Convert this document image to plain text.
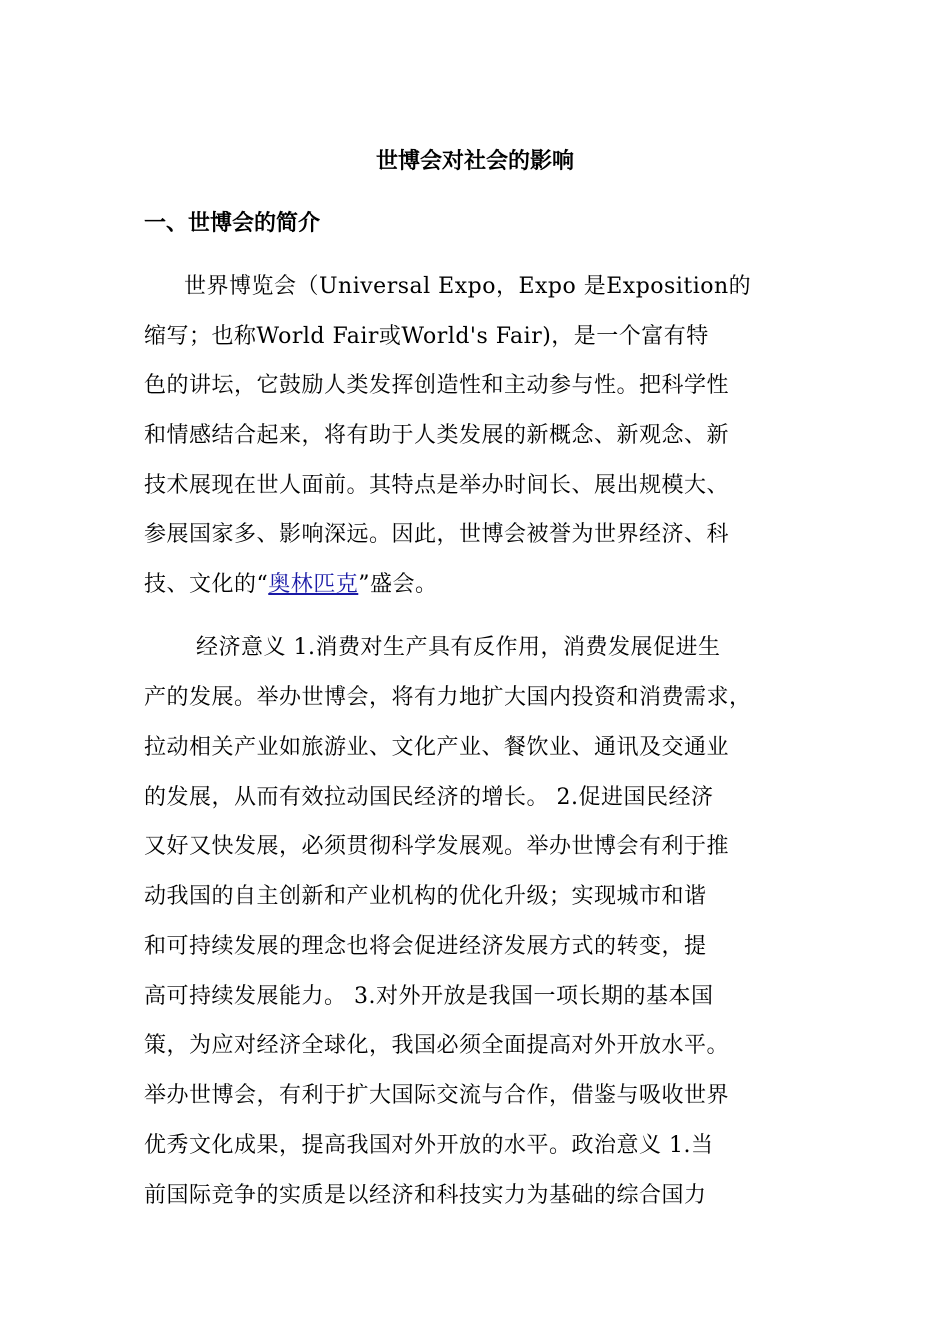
世博会对社会的影响
一、世博会的简介
世界博览会（Universal Expo，Expo 是Exposition的
缩写；也称World Fair或World's Fair)，是一个富有特
色的讲坛，它鼓励人类发挥创造性和主动参与性。把科学性
和情感结合起来，将有助于人类发展的新概念、新观念、新
技术展现在世人面前。其特点是举办时间长、展出规模大、
参展国家多、影响深远。因此，世博会被誉为世界经济、科
技、文化的“奥林匹克”盛会。
经济意义 1.消费对生产具有反作用，消费发展促进生
产的发展。举办世博会，将有力地扩大国内投资和消费需求，
拉动相关产业如旅游业、文化产业、餐饮业、通讯及交通业
的发展，从而有效拉动国民经济的增长。 2.促进国民经济
又好又快发展，必须贯彻科学发展观。举办世博会有利于推
动我国的自主创新和产业机构的优化升级；实现城市和谐
和可持续发展的理念也将会促进经济发展方式的转变，提
高可持续发展能力。 3.对外开放是我国一项长期的基本国
策，为应对经济全球化，我国必须全面提高对外开放水平。
举办世博会，有利于扩大国际交流与合作，借鉴与吸收世界
优秀文化成果，提高我国对外开放的水平。政治意义 1.当
前国际竞争的实质是以经济和科技实力为基础的综合国力
